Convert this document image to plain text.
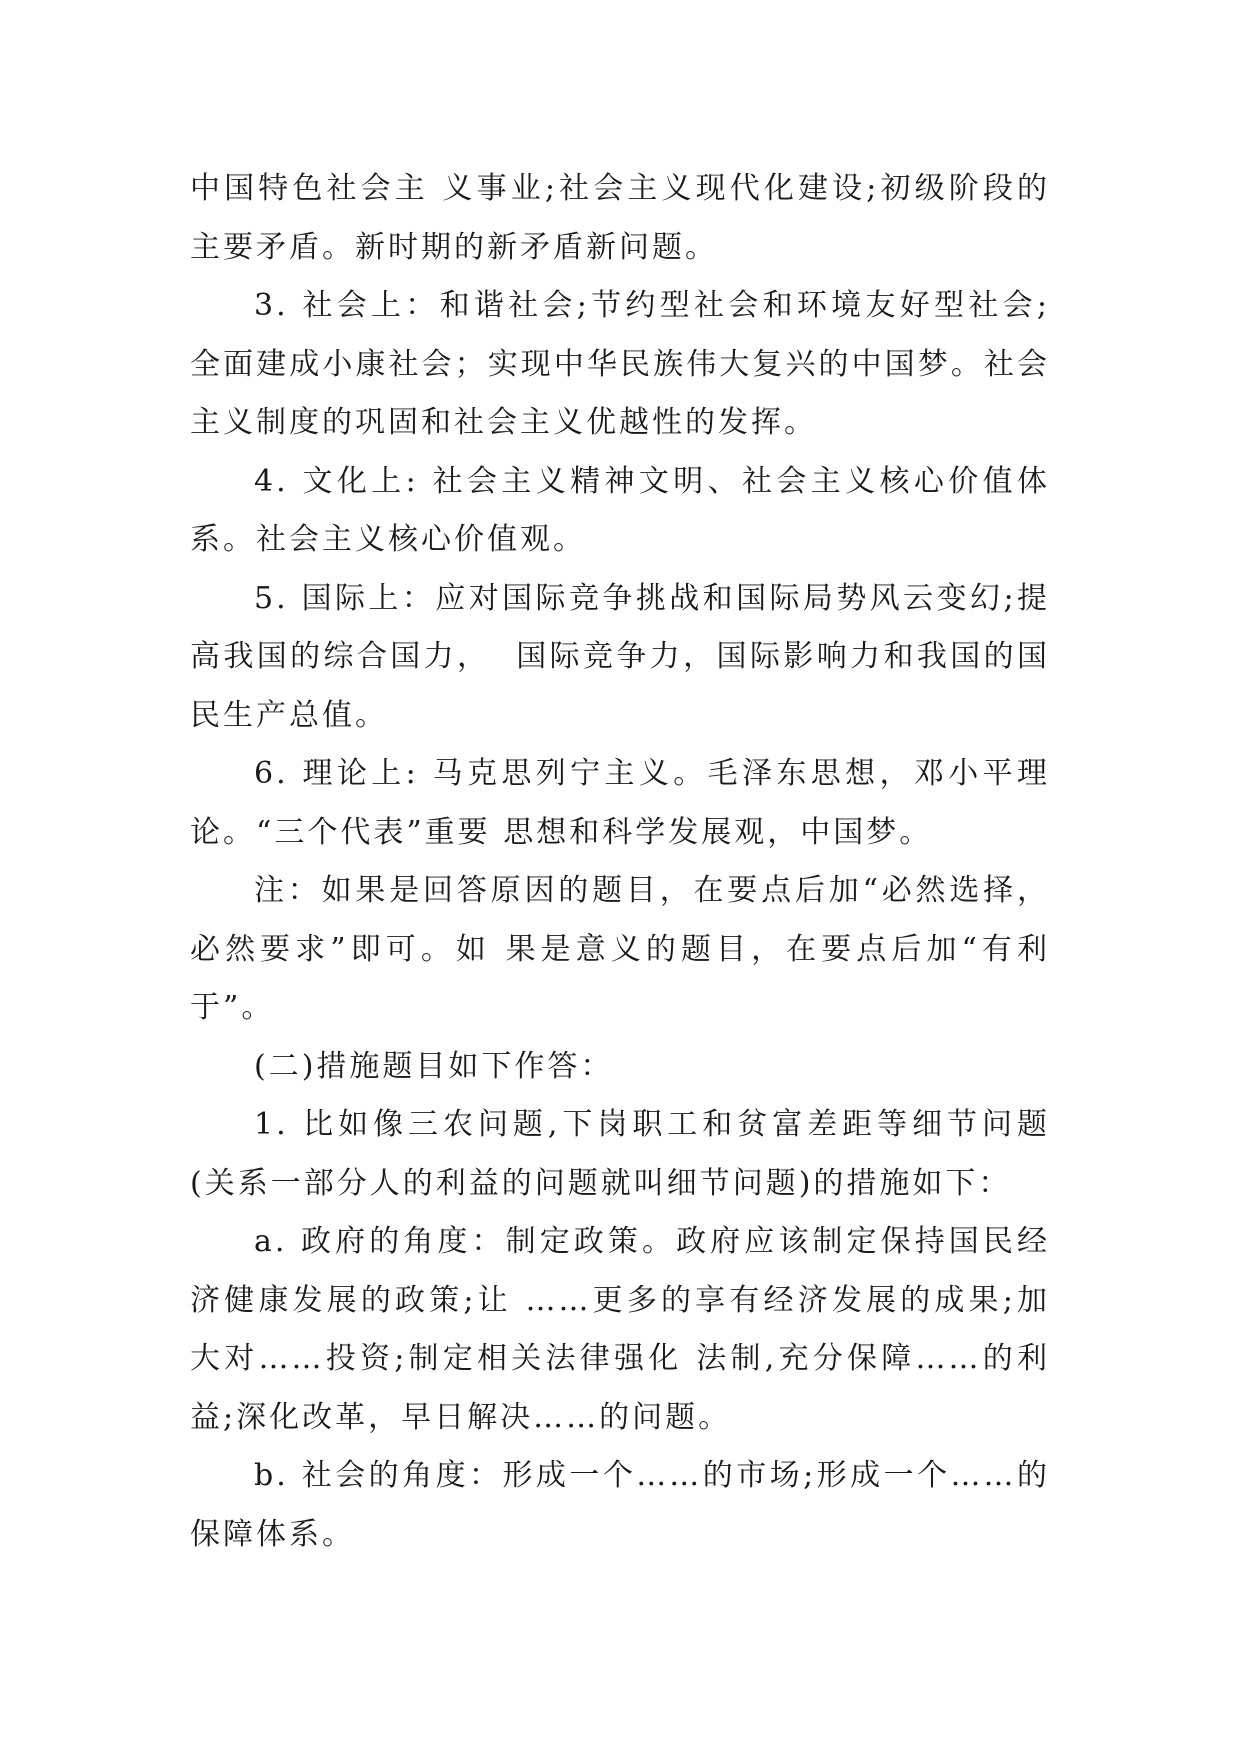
中国特色社会主 义事业;社会主义现代化建设;初级阶段的主要矛盾。新时期的新矛盾新问题。

3. 社会上：和谐社会;节约型社会和环境友好型社会;全面建成小康社会；实现中华民族伟大复兴的中国梦。社会主义制度的巩固和社会主义优越性的发挥。

4. 文化上: 社会主义精神文明、社会主义核心价值体系。社会主义核心价值观。

5. 国际上：应对国际竞争挑战和国际局势风云变幻;提高我国的综合国力，  国际竞争力，国际影响力和我国的国民生产总值。

6. 理论上: 马克思列宁主义。毛泽东思想，邓小平理论。“三个代表”重要 思想和科学发展观，中国梦。

注：如果是回答原因的题目，在要点后加“必然选择，必然要求”即可。如 果是意义的题目，在要点后加“有利于”。

(二)措施题目如下作答：

1. 比如像三农问题,下岗职工和贫富差距等细节问题(关系一部分人的利益的问题就叫细节问题)的措施如下：

a. 政府的角度：制定政策。政府应该制定保持国民经济健康发展的政策;让 ……更多的享有经济发展的成果;加大对……投资;制定相关法律强化 法制,充分保障……的利益;深化改革，早日解决……的问题。

b. 社会的角度：形成一个……的市场;形成一个……的保障体系。
